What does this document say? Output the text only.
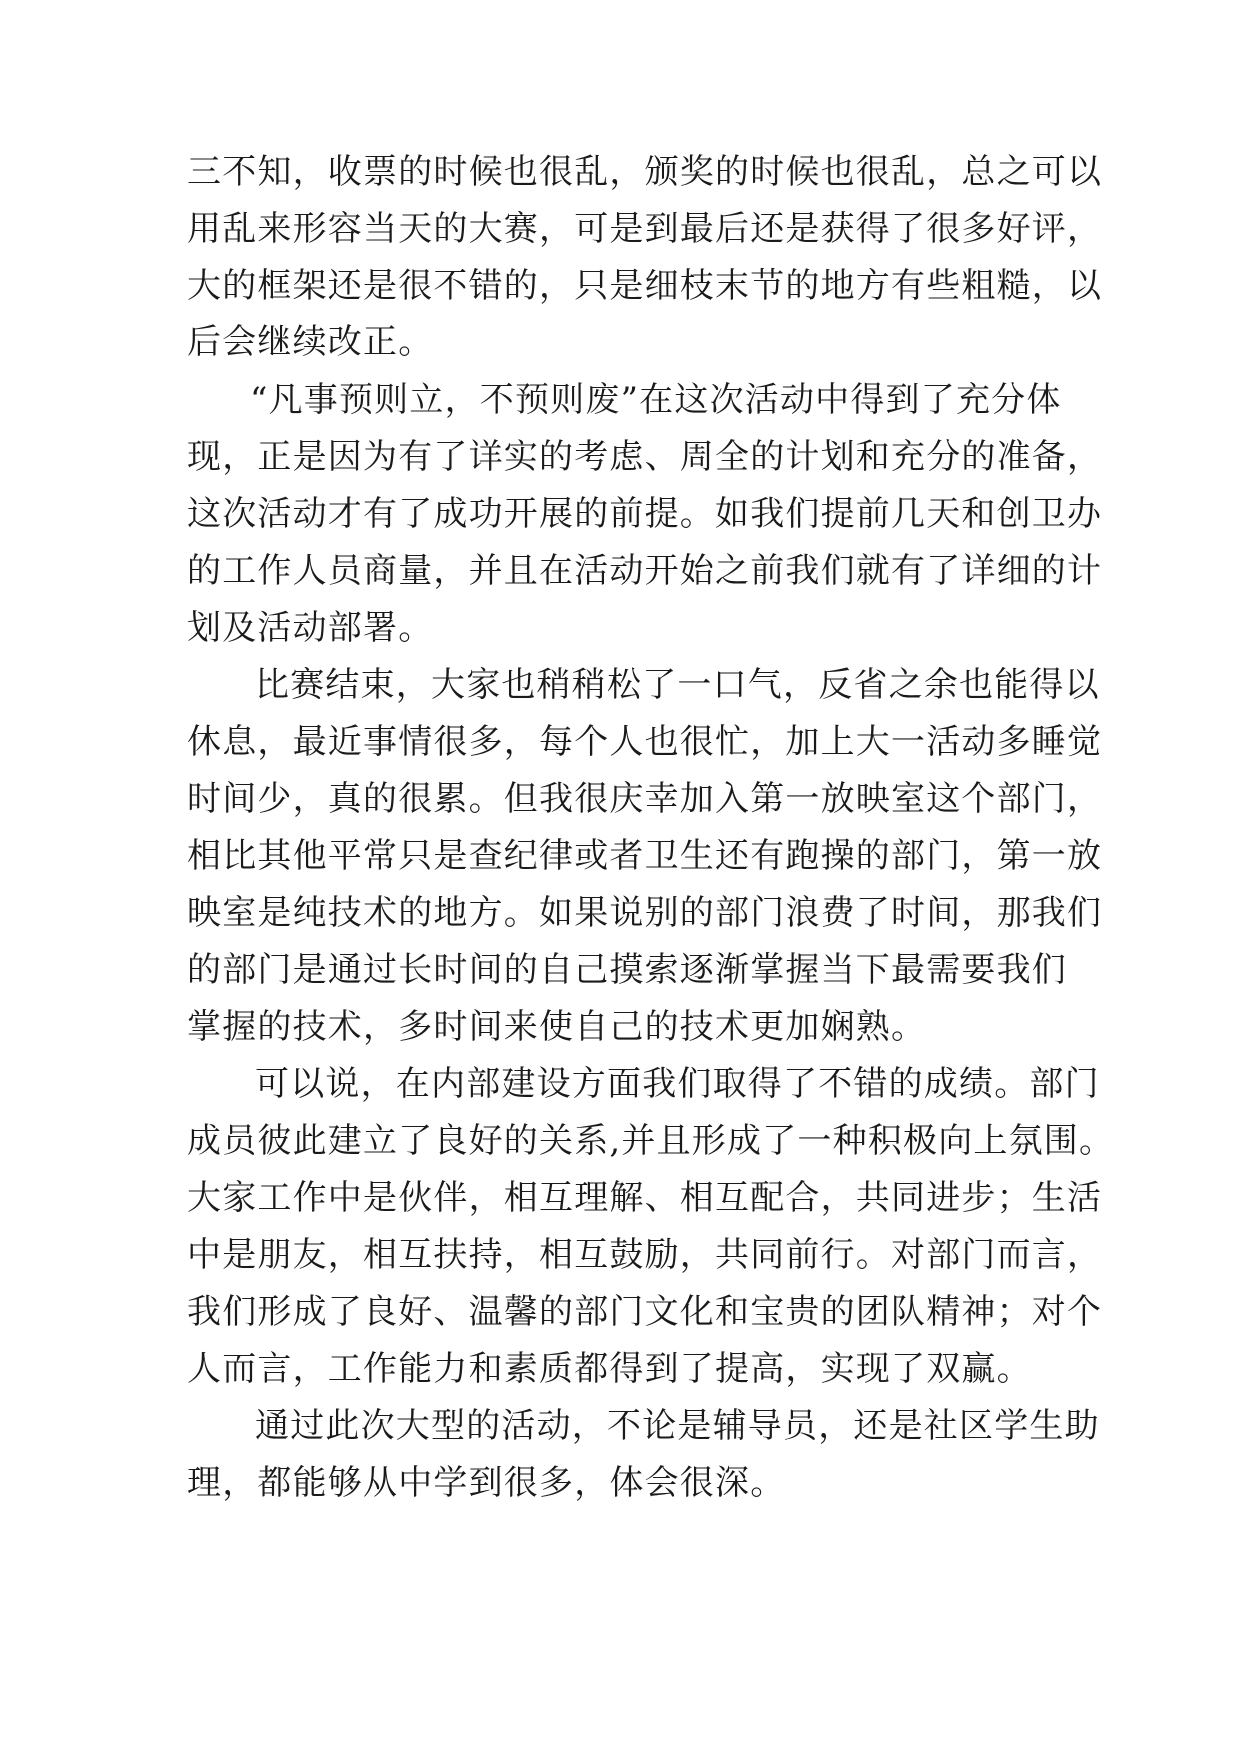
三不知，收票的时候也很乱，颁奖的时候也很乱，总之可以

用乱来形容当天的大赛，可是到最后还是获得了很多好评，

大的框架还是很不错的，只是细枝末节的地方有些粗糙，以

后会继续改正。

“凡事预则立，不预则废”在这次活动中得到了充分体

现，正是因为有了详实的考虑、周全的计划和充分的准备，

这次活动才有了成功开展的前提。如我们提前几天和创卫办

的工作人员商量，并且在活动开始之前我们就有了详细的计

划及活动部署。

比赛结束，大家也稍稍松了一口气，反省之余也能得以

休息，最近事情很多，每个人也很忙，加上大一活动多睡觉

时间少，真的很累。但我很庆幸加入第一放映室这个部门，

相比其他平常只是查纪律或者卫生还有跑操的部门，第一放

映室是纯技术的地方。如果说别的部门浪费了时间，那我们

的部门是通过长时间的自己摸索逐渐掌握当下最需要我们

掌握的技术，多时间来使自己的技术更加娴熟。

可以说，在内部建设方面我们取得了不错的成绩。部门

成员彼此建立了良好的关系,并且形成了一种积极向上氛围。

大家工作中是伙伴，相互理解、相互配合，共同进步；生活

中是朋友，相互扶持，相互鼓励，共同前行。对部门而言，

我们形成了良好、温馨的部门文化和宝贵的团队精神；对个

人而言，工作能力和素质都得到了提高，实现了双赢。

通过此次大型的活动，不论是辅导员，还是社区学生助

理，都能够从中学到很多，体会很深。
